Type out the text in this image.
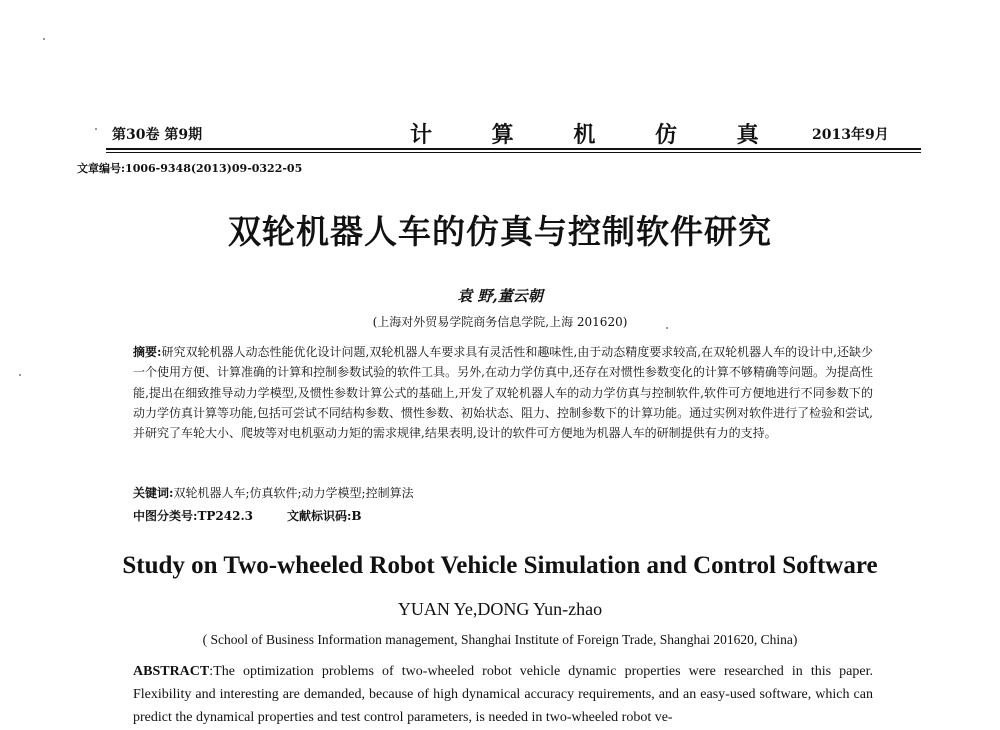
第30卷 第9期	计 算 机 仿 真 2013年9月
文章编号:1006-9348(2013)09-0322-05
双轮机器人车的仿真与控制软件研究
袁 野,董云朝
(上海对外贸易学院商务信息学院,上海 201620)
摘要:研究双轮机器人动态性能优化设计问题,双轮机器人车要求具有灵活性和趣味性,由于动态精度要求较高,在双轮机器人车的设计中,还缺少一个使用方便、计算准确的计算和控制参数试验的软件工具。另外,在动力学仿真中,还存在对惯性参数变化的计算不够精确等问题。为提高性能,提出在细致推导动力学模型,及惯性参数计算公式的基础上,开发了双轮机器人车的动力学仿真与控制软件,软件可方便地进行不同参数下的动力学仿真计算等功能,包括可尝试不同结构参数、惯性参数、初始状态、阻力、控制参数下的计算功能。通过实例对软件进行了检验和尝试,并研究了车轮大小、爬坡等对电机驱动力矩的需求规律,结果表明,设计的软件可方便地为机器人车的研制提供有力的支持。
关键词:双轮机器人车;仿真软件;动力学模型;控制算法
中图分类号:TP242.3	文献标识码:B
Study on Two-wheeled Robot Vehicle Simulation and Control Software
YUAN Ye,DONG Yun-zhao
( School of Business Information management, Shanghai Institute of Foreign Trade, Shanghai 201620, China)
ABSTRACT:The optimization problems of two-wheeled robot vehicle dynamic properties were researched in this paper. Flexibility and interesting are demanded, because of high dynamical accuracy requirements, and an easy-used software, which can predict the dynamical properties and test control parameters, is needed in two-wheeled robot ve-
